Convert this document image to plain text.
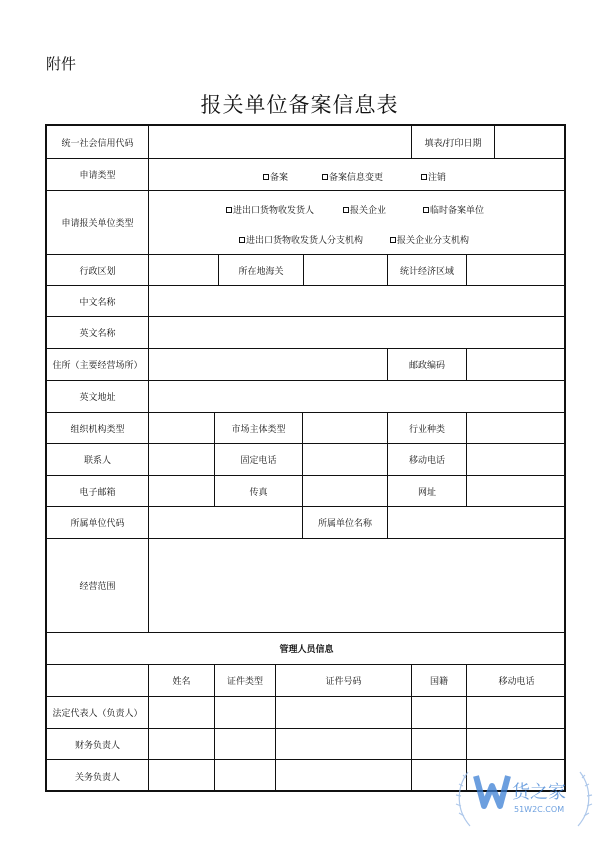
附件
报关单位备案信息表
统一社会信用代码	填表/打印日期
申请类型	备案	备案信息变更	注销
申请报关单位类型
进出口货物收发货人	报关企业	临时备案单位
进出口货物收发货人分支机构	报关企业分支机构
行政区划	所在地海关	统计经济区域
中文名称
英文名称
住所（主要经营场所）	邮政编码
英文地址
组织机构类型	市场主体类型	行业种类
联系人	固定电话	移动电话
电子邮箱	传真	网址
所属单位代码	所属单位名称
经营范围
管理人员信息
姓名	证件类型	证件号码	国籍	移动电话
法定代表人（负责人）
财务负责人
关务负责人
货之家
51W2C.COM
